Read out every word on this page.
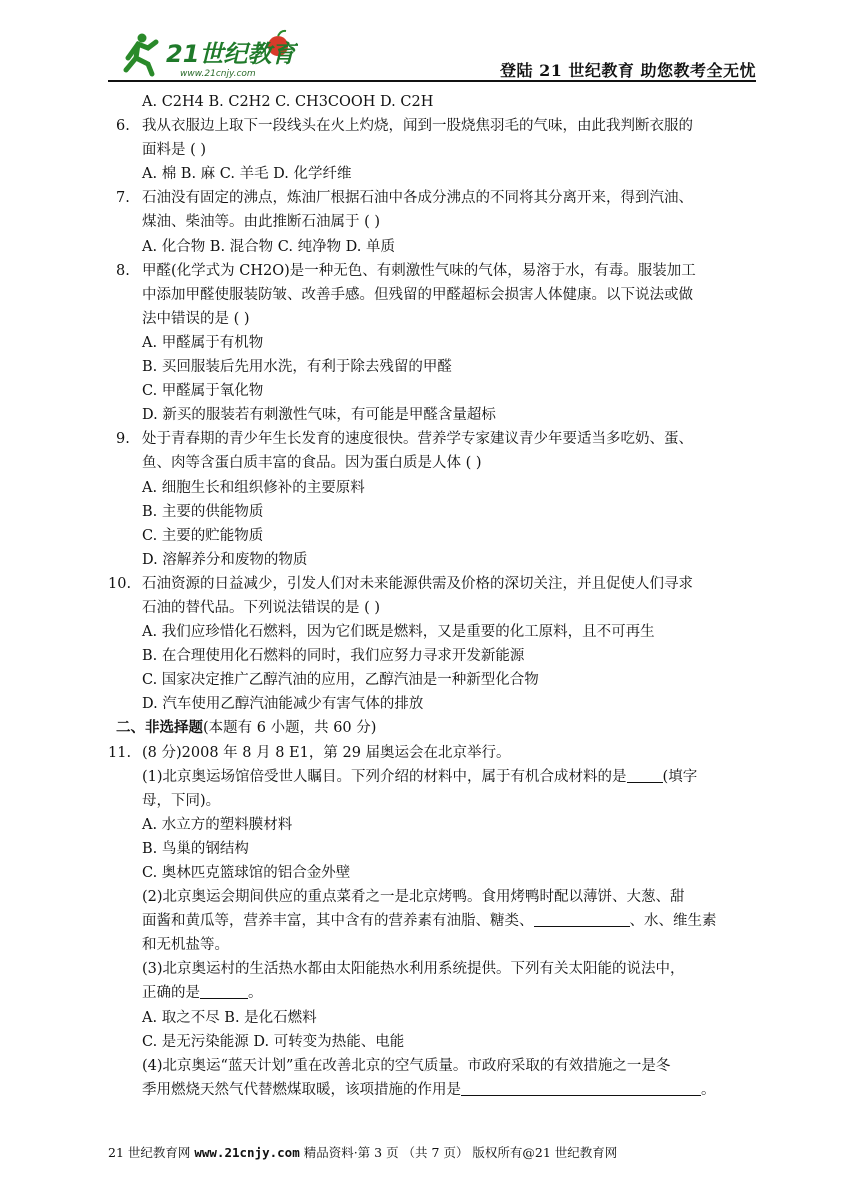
21世纪教育
www.21cnjy.com	登陆 21 世纪教育 助您教考全无忧
A. C2H4 B. C2H2 C. CH3COOH D. C2H
6. 我从衣服边上取下一段线头在火上灼烧，闻到一股烧焦羽毛的气味，由此我判断衣服的
面料是 ( )
A. 棉 B. 麻 C. 羊毛 D. 化学纤维
7. 石油没有固定的沸点，炼油厂根据石油中各成分沸点的不同将其分离开来，得到汽油、
煤油、柴油等。由此推断石油属于 ( )
A. 化合物 B. 混合物 C. 纯净物 D. 单质
8. 甲醛(化学式为 CH2O)是一种无色、有刺激性气味的气体，易溶于水，有毒。服装加工
中添加甲醛使服装防皱、改善手感。但残留的甲醛超标会损害人体健康。以下说法或做
法中错误的是 ( )
A. 甲醛属于有机物
B. 买回服装后先用水洗，有利于除去残留的甲醛
C. 甲醛属于氧化物
D. 新买的服装若有刺激性气味，有可能是甲醛含量超标
9. 处于青春期的青少年生长发育的速度很快。营养学专家建议青少年要适当多吃奶、蛋、
鱼、肉等含蛋白质丰富的食品。因为蛋白质是人体 ( )
A. 细胞生长和组织修补的主要原料
B. 主要的供能物质
C. 主要的贮能物质
D. 溶解养分和废物的物质
10. 石油资源的日益减少，引发人们对未来能源供需及价格的深切关注，并且促使人们寻求
石油的替代品。下列说法错误的是 ( )
A. 我们应珍惜化石燃料，因为它们既是燃料，又是重要的化工原料，且不可再生
B. 在合理使用化石燃料的同时，我们应努力寻求开发新能源
C. 国家决定推广乙醇汽油的应用，乙醇汽油是一种新型化合物
D. 汽车使用乙醇汽油能减少有害气体的排放
二、非选择题(本题有 6 小题，共 60 分)
11. (8 分)2008 年 8 月 8 E1，第 29 届奥运会在北京举行。
(1)北京奥运场馆倍受世人瞩目。下列介绍的材料中，属于有机合成材料的是 (填字
母，下同)。
A. 水立方的塑料膜材料
B. 鸟巢的钢结构
C. 奥林匹克篮球馆的铝合金外壁
(2)北京奥运会期间供应的重点菜肴之一是北京烤鸭。食用烤鸭时配以薄饼、大葱、甜
面酱和黄瓜等，营养丰富，其中含有的营养素有油脂、糖类、	、水、维生素
和无机盐等。
(3)北京奥运村的生活热水都由太阳能热水利用系统提供。下列有关太阳能的说法中，
正确的是	。
A. 取之不尽 B. 是化石燃料
C. 是无污染能源 D. 可转变为热能、电能
(4)北京奥运“蓝天计划”重在改善北京的空气质量。市政府采取的有效措施之一是冬
季用燃烧天然气代替燃煤取暖，该项措施的作用是	。
21 世纪教育网 www.21cnjy.com 精品资料·第 3 页 （共 7 页） 版权所有@21 世纪教育网
